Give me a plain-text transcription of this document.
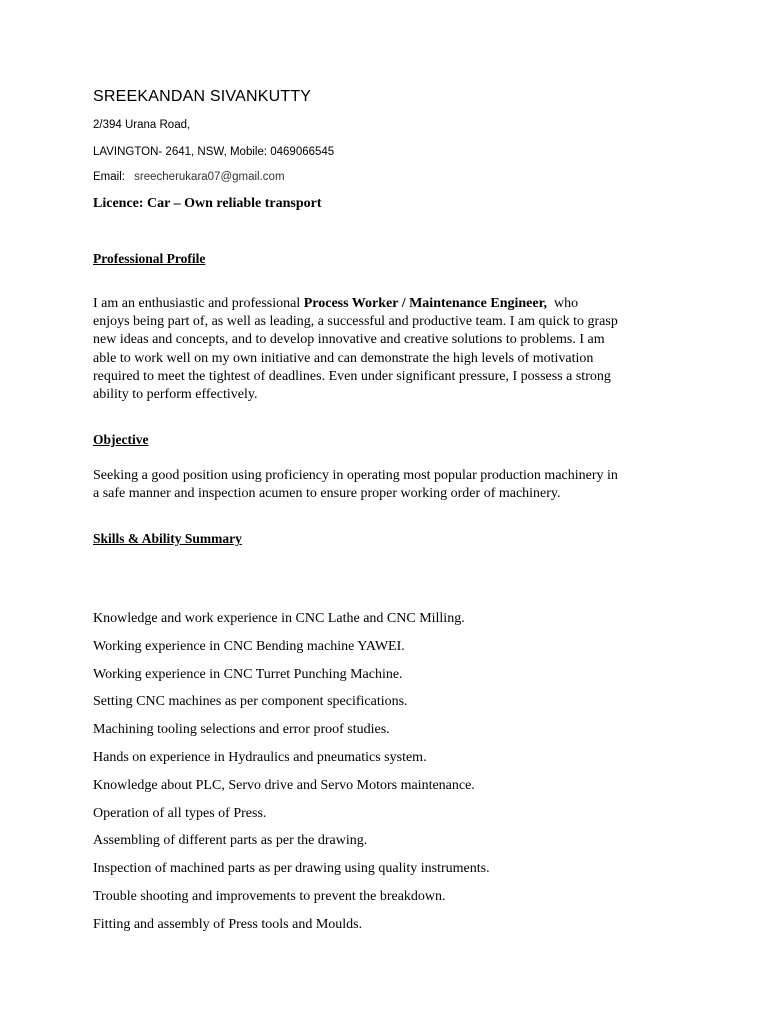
SREEKANDAN SIVANKUTTY
2/394 Urana Road,
LAVINGTON- 2641, NSW, Mobile: 0469066545
Email: sreecherukara07@gmail.com
Licence: Car – Own reliable transport
Professional Profile
I am an enthusiastic and professional Process Worker / Maintenance Engineer,  who
enjoys being part of, as well as leading, a successful and productive team. I am quick to grasp
new ideas and concepts, and to develop innovative and creative solutions to problems. I am
able to work well on my own initiative and can demonstrate the high levels of motivation
required to meet the tightest of deadlines. Even under significant pressure, I possess a strong
ability to perform effectively.
Objective
Seeking a good position using proficiency in operating most popular production machinery in
a safe manner and inspection acumen to ensure proper working order of machinery.
Skills & Ability Summary
Knowledge and work experience in CNC Lathe and CNC Milling.
Working experience in CNC Bending machine YAWEI.
Working experience in CNC Turret Punching Machine.
Setting CNC machines as per component specifications.
Machining tooling selections and error proof studies.
Hands on experience in Hydraulics and pneumatics system.
Knowledge about PLC, Servo drive and Servo Motors maintenance.
Operation of all types of Press.
Assembling of different parts as per the drawing.
Inspection of machined parts as per drawing using quality instruments.
Trouble shooting and improvements to prevent the breakdown.
Fitting and assembly of Press tools and Moulds.
